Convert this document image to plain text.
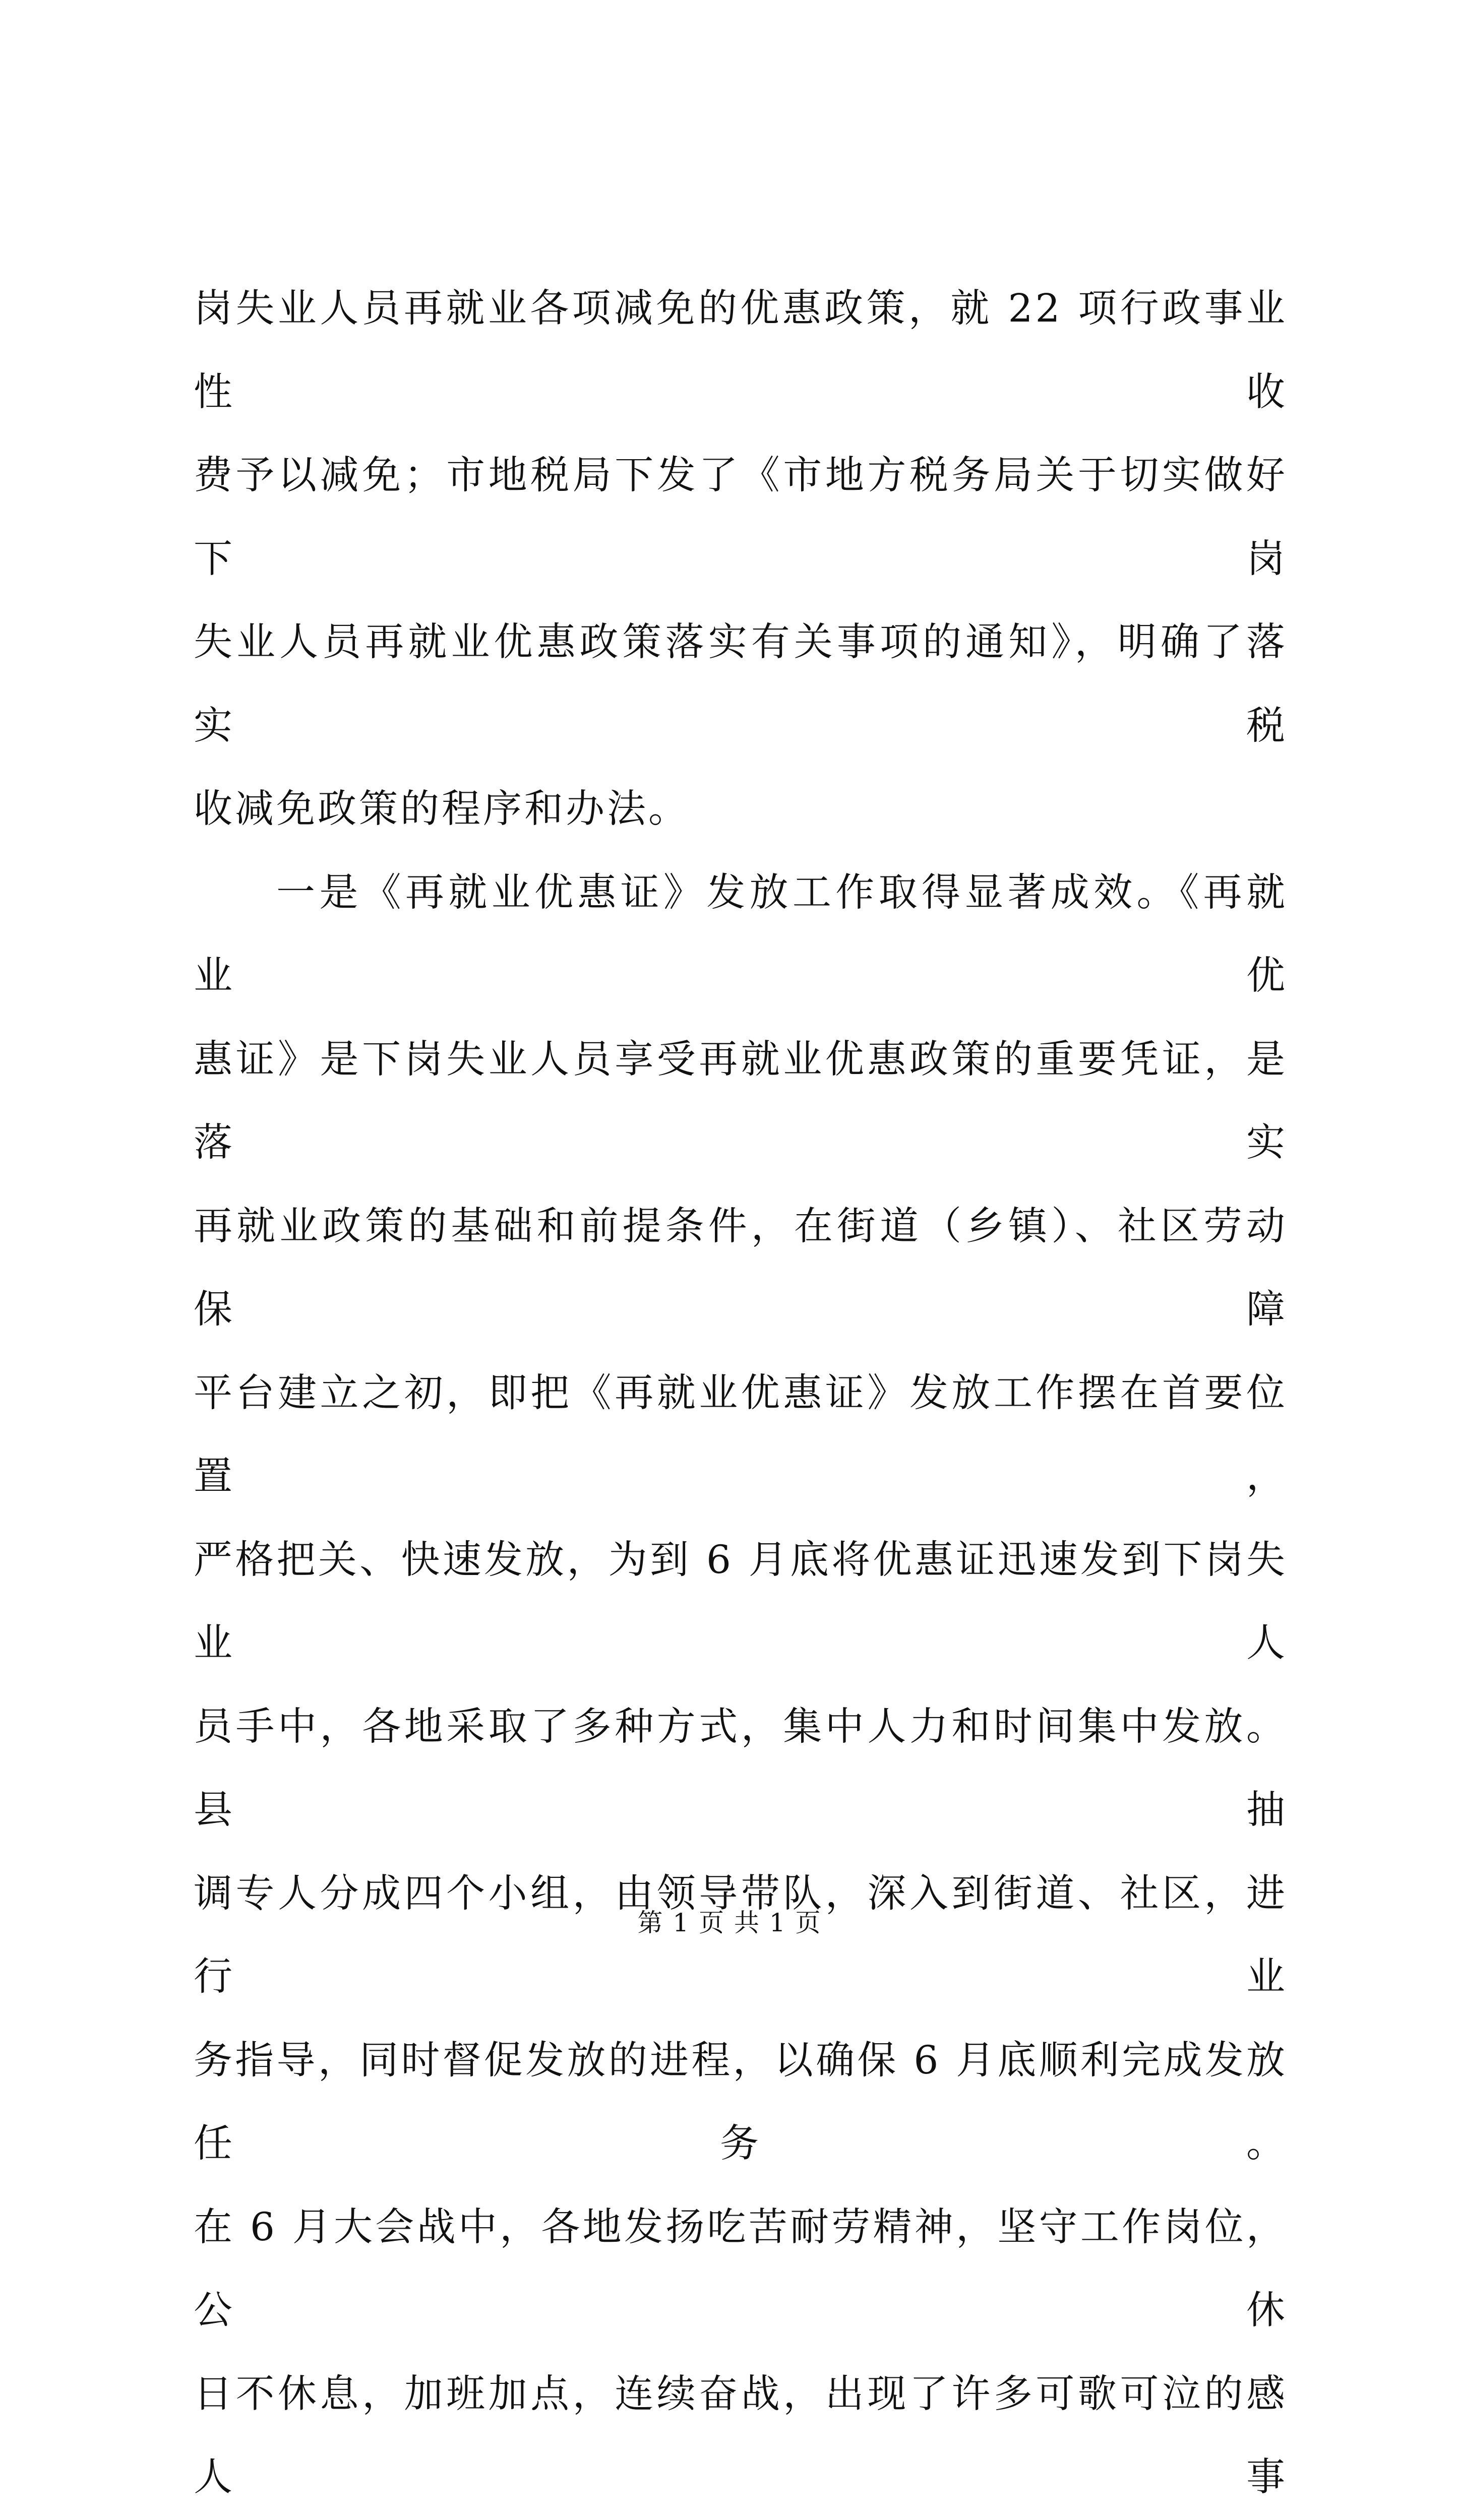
岗失业人员再就业各项减免的优惠政策，就 22 项行政事业性收

费予以减免；市地税局下发了《市地方税务局关于切实做好下岗

失业人员再就业优惠政策落实有关事项的通知》，明确了落实税

收减免政策的程序和办法。

一是《再就业优惠证》发放工作取得显著成效。《再就业优

惠证》是下岗失业人员享受再就业优惠政策的重要凭证，是落实

再就业政策的基础和前提条件，在街道（乡镇）、社区劳动保障

平台建立之初，即把《再就业优惠证》发放工作摆在首要位置，

严格把关、快速发放，为到 6 月底将优惠证迅速发到下岗失业人

员手中，各地采取了多种方式，集中人力和时间集中发放。县抽

调专人分成四个小组，由领导带队，深入到街道、社区，进行业

务指导，同时督促发放的进程，以确保 6 月底顺利完成发放任务。

在 6 月大会战中，各地发扬吃苦耐劳精神，坚守工作岗位，公休

日不休息，加班加点，连续奋战，出现了许多可歌可泣的感人事

第 1 页 共 1 页
